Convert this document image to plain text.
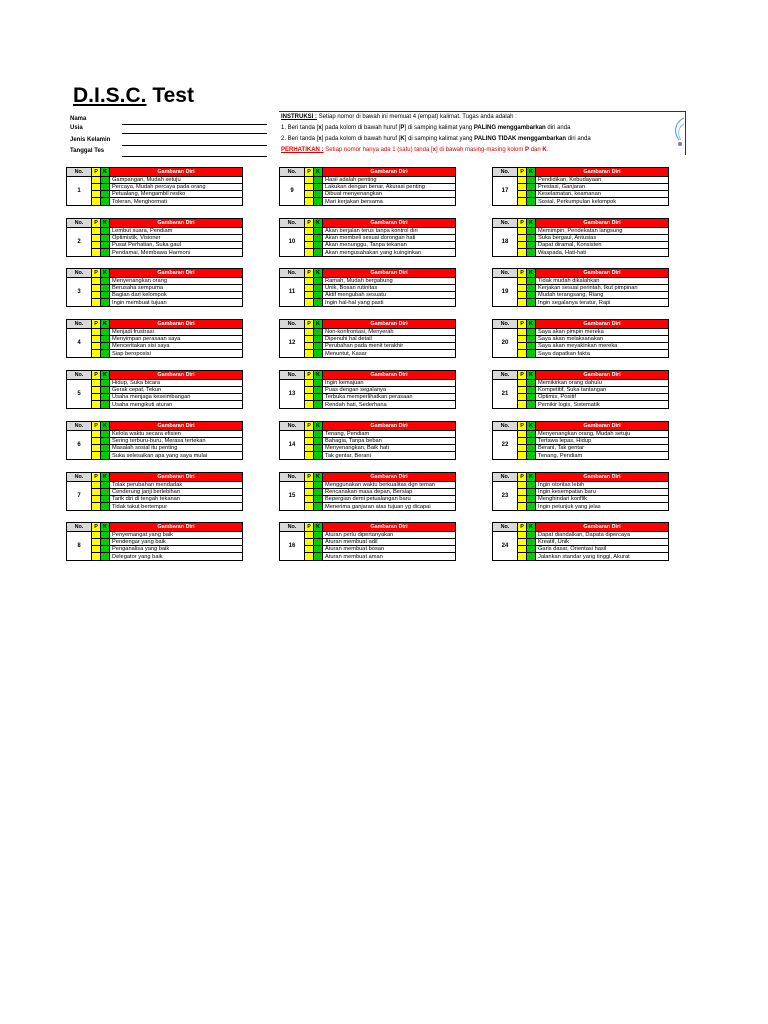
D.I.S.C. Test
Nama
Usia
Jenis Kelamin
Tanggal Tes
INSTRUKSI : Setiap nomor di bawah ini memuat 4 (empat) kalimat. Tugas anda adalah :
1. Beri tanda [x] pada kolom di bawah huruf [P] di samping kalimat yang PALING menggambarkan diri anda
2. Beri tanda [x] pada kolom di bawah huruf [K] di samping kalimat yang PALING TIDAK menggambarkan diri anda
PERHATIKAN : Setiap nomor hanya ada 1 (satu) tanda [x] di bawah masing-masing kolom P dan K.
No.	P	K	Gambaran Diri
1			Gampangan, Mudah setuju
			Percaya, Mudah percaya pada orang
			Petualang, Mengambil resiko
			Toleran, Menghormati
No.	P	K	Gambaran Diri
2			Lembut suara, Pendiam
			Optimistik, Visioner
			Pusat Perhatian, Suka gaul
			Pendamai, Membawa Harmoni
No.	P	K	Gambaran Diri
3			Menyenangkan orang
			Berusaha sempurna
			Bagian dari kelompok
			Ingin membuat tujuan
No.	P	K	Gambaran Diri
4			Menjadi frustrasi
			Menyimpan perasaan saya
			Menceritakan sisi saya
			Siap beroposisi
No.	P	K	Gambaran Diri
5			Hidup, Suka bicara
			Gerak cepat, Tekun
			Usaha menjaga keseimbangan
			Usaha mengikuti aturan
No.	P	K	Gambaran Diri
6			Kelola waktu secara efisien
			Sering terburu-buru, Merasa tertekan
			Masalah sosial itu penting
			Suka selesaikan apa yang saya mulai
No.	P	K	Gambaran Diri
7			Tolak perubahan mendadak
			Cenderung janji berlebihan
			Tarik diri di tengah tekanan
			Tidak takut bertempur
No.	P	K	Gambaran Diri
8			Penyemangat yang baik
			Pendengar yang baik
			Penganalisa yang baik
			Delegator yang baik
No.	P	K	Gambaran Diri
9			Hasil adalah penting
			Lakukan dengan benar, Akurasi penting
			Dibuat menyenangkan
			Mari kerjakan bersama
No.	P	K	Gambaran Diri
10			Akan berjalan terus tanpa kontrol diri
			Akan membeli sesuai dorongan hati
			Akan menunggu, Tanpa tekanan
			Akan mengusahakan yang kuinginkan
No.	P	K	Gambaran Diri
11			Ramah, Mudah bergabung
			Unik, Bosan rutinitas
			Aktif mengubah sesuatu
			Ingin hal-hal yang pasti
No.	P	K	Gambaran Diri
12			Non-konfrontasi, Menyerah
			Dipenuhi hal detail
			Perubahan pada menit terakhir
			Menuntut, Kasar
No.	P	K	Gambaran Diri
13			Ingin kemajuan
			Puas dengan segalanya
			Terbuka memperlihatkan perasaan
			Rendah hati, Sederhana
No.	P	K	Gambaran Diri
14			Tenang, Pendiam
			Bahagia, Tanpa beban
			Menyenangkan, Baik hati
			Tak gentar, Berani
No.	P	K	Gambaran Diri
15			Menggunakan waktu berkualitas dgn teman
			Rencanakan masa depan, Bersiap
			Bepergian demi petualangan baru
			Menerima ganjaran atas tujuan yg dicapai
No.	P	K	Gambaran Diri
16			Aturan perlu dipertanyakan
			Aturan membuat adil
			Aturan membuat bosan
			Aturan membuat aman
No.	P	K	Gambaran Diri
17			Pendidikan, Kebudayaan
			Prestasi, Ganjaran
			Keselamatan, keamanan
			Sosial, Perkumpulan kelompok
No.	P	K	Gambaran Diri
18			Memimpin, Pendekatan langsung
			Suka bergaul, Antusias
			Dapat diramal, Konsisten
			Waspada, Hati-hati
No.	P	K	Gambaran Diri
19			Tidak mudah dikalahkan
			Kerjakan sesuai perintah, Ikut pimpinan
			Mudah terangsang, Riang
			Ingin segalanya teratur, Rapi
No.	P	K	Gambaran Diri
20			Saya akan pimpin mereka
			Saya akan melaksanakan
			Saya akan meyakinkan mereka
			Saya dapatkan fakta
No.	P	K	Gambaran Diri
21			Memikirkan orang dahulu
			Kompetitif, Suka tantangan
			Optimis, Positif
			Pemikir logis, Sistematik
No.	P	K	Gambaran Diri
22			Menyenangkan orang, Mudah setuju
			Tertawa lepas, Hidup
			Berani, Tak gentar
			Tenang, Pendiam
No.	P	K	Gambaran Diri
23			Ingin otoritas lebih
			Ingin kesempatan baru
			Menghindari konflik
			Ingin petunjuk yang jelas
No.	P	K	Gambaran Diri
24			Dapat diandalkan, Dapata dipercaya
			Kreatif, Unik
			Garis dasar, Orientasi hasil
			Jalankan standar yang tinggi, Akurat
